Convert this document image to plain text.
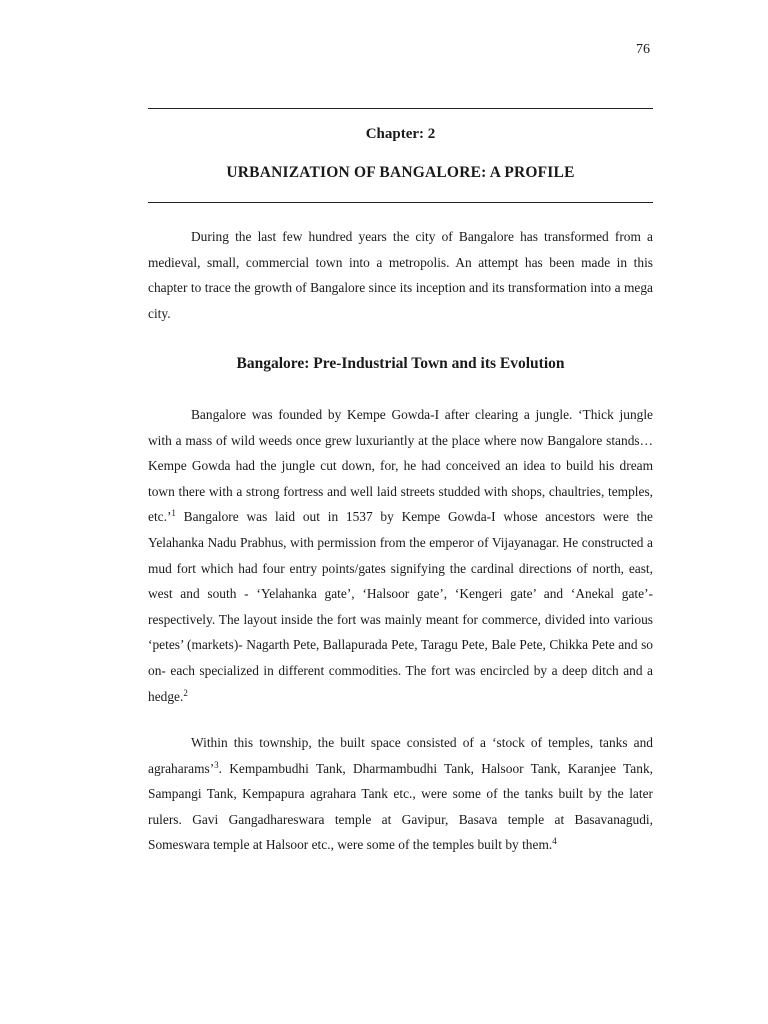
76
Chapter: 2
URBANIZATION OF BANGALORE: A PROFILE

During the last few hundred years the city of Bangalore has transformed from a medieval, small, commercial town into a metropolis. An attempt has been made in this chapter to trace the growth of Bangalore since its inception and its transformation into a mega city.

Bangalore: Pre-Industrial Town and its Evolution

Bangalore was founded by Kempe Gowda-I after clearing a jungle. ‘Thick jungle with a mass of wild weeds once grew luxuriantly at the place where now Bangalore stands…Kempe Gowda had the jungle cut down, for, he had conceived an idea to build his dream town there with a strong fortress and well laid streets studded with shops, chaultries, temples, etc.’$^1$ Bangalore was laid out in 1537 by Kempe Gowda-I whose ancestors were the Yelahanka Nadu Prabhus, with permission from the emperor of Vijayanagar. He constructed a mud fort which had four entry points/gates signifying the cardinal directions of north, east, west and south - ‘Yelahanka gate’, ‘Halsoor gate’, ‘Kengeri gate’ and ‘Anekal gate’- respectively. The layout inside the fort was mainly meant for commerce, divided into various ‘petes’ (markets)- Nagarth Pete, Ballapurada Pete, Taragu Pete, Bale Pete, Chikka Pete and so on- each specialized in different commodities. The fort was encircled by a deep ditch and a hedge.$^2$

Within this township, the built space consisted of a ‘stock of temples, tanks and agraharams’$^3$. Kempambudhi Tank, Dharmambudhi Tank, Halsoor Tank, Karanjee Tank, Sampangi Tank, Kempapura agrahara Tank etc., were some of the tanks built by the later rulers. Gavi Gangadhareswara temple at Gavipur, Basava temple at Basavanagudi, Someswara temple at Halsoor etc., were some of the temples built by them.$^4$
